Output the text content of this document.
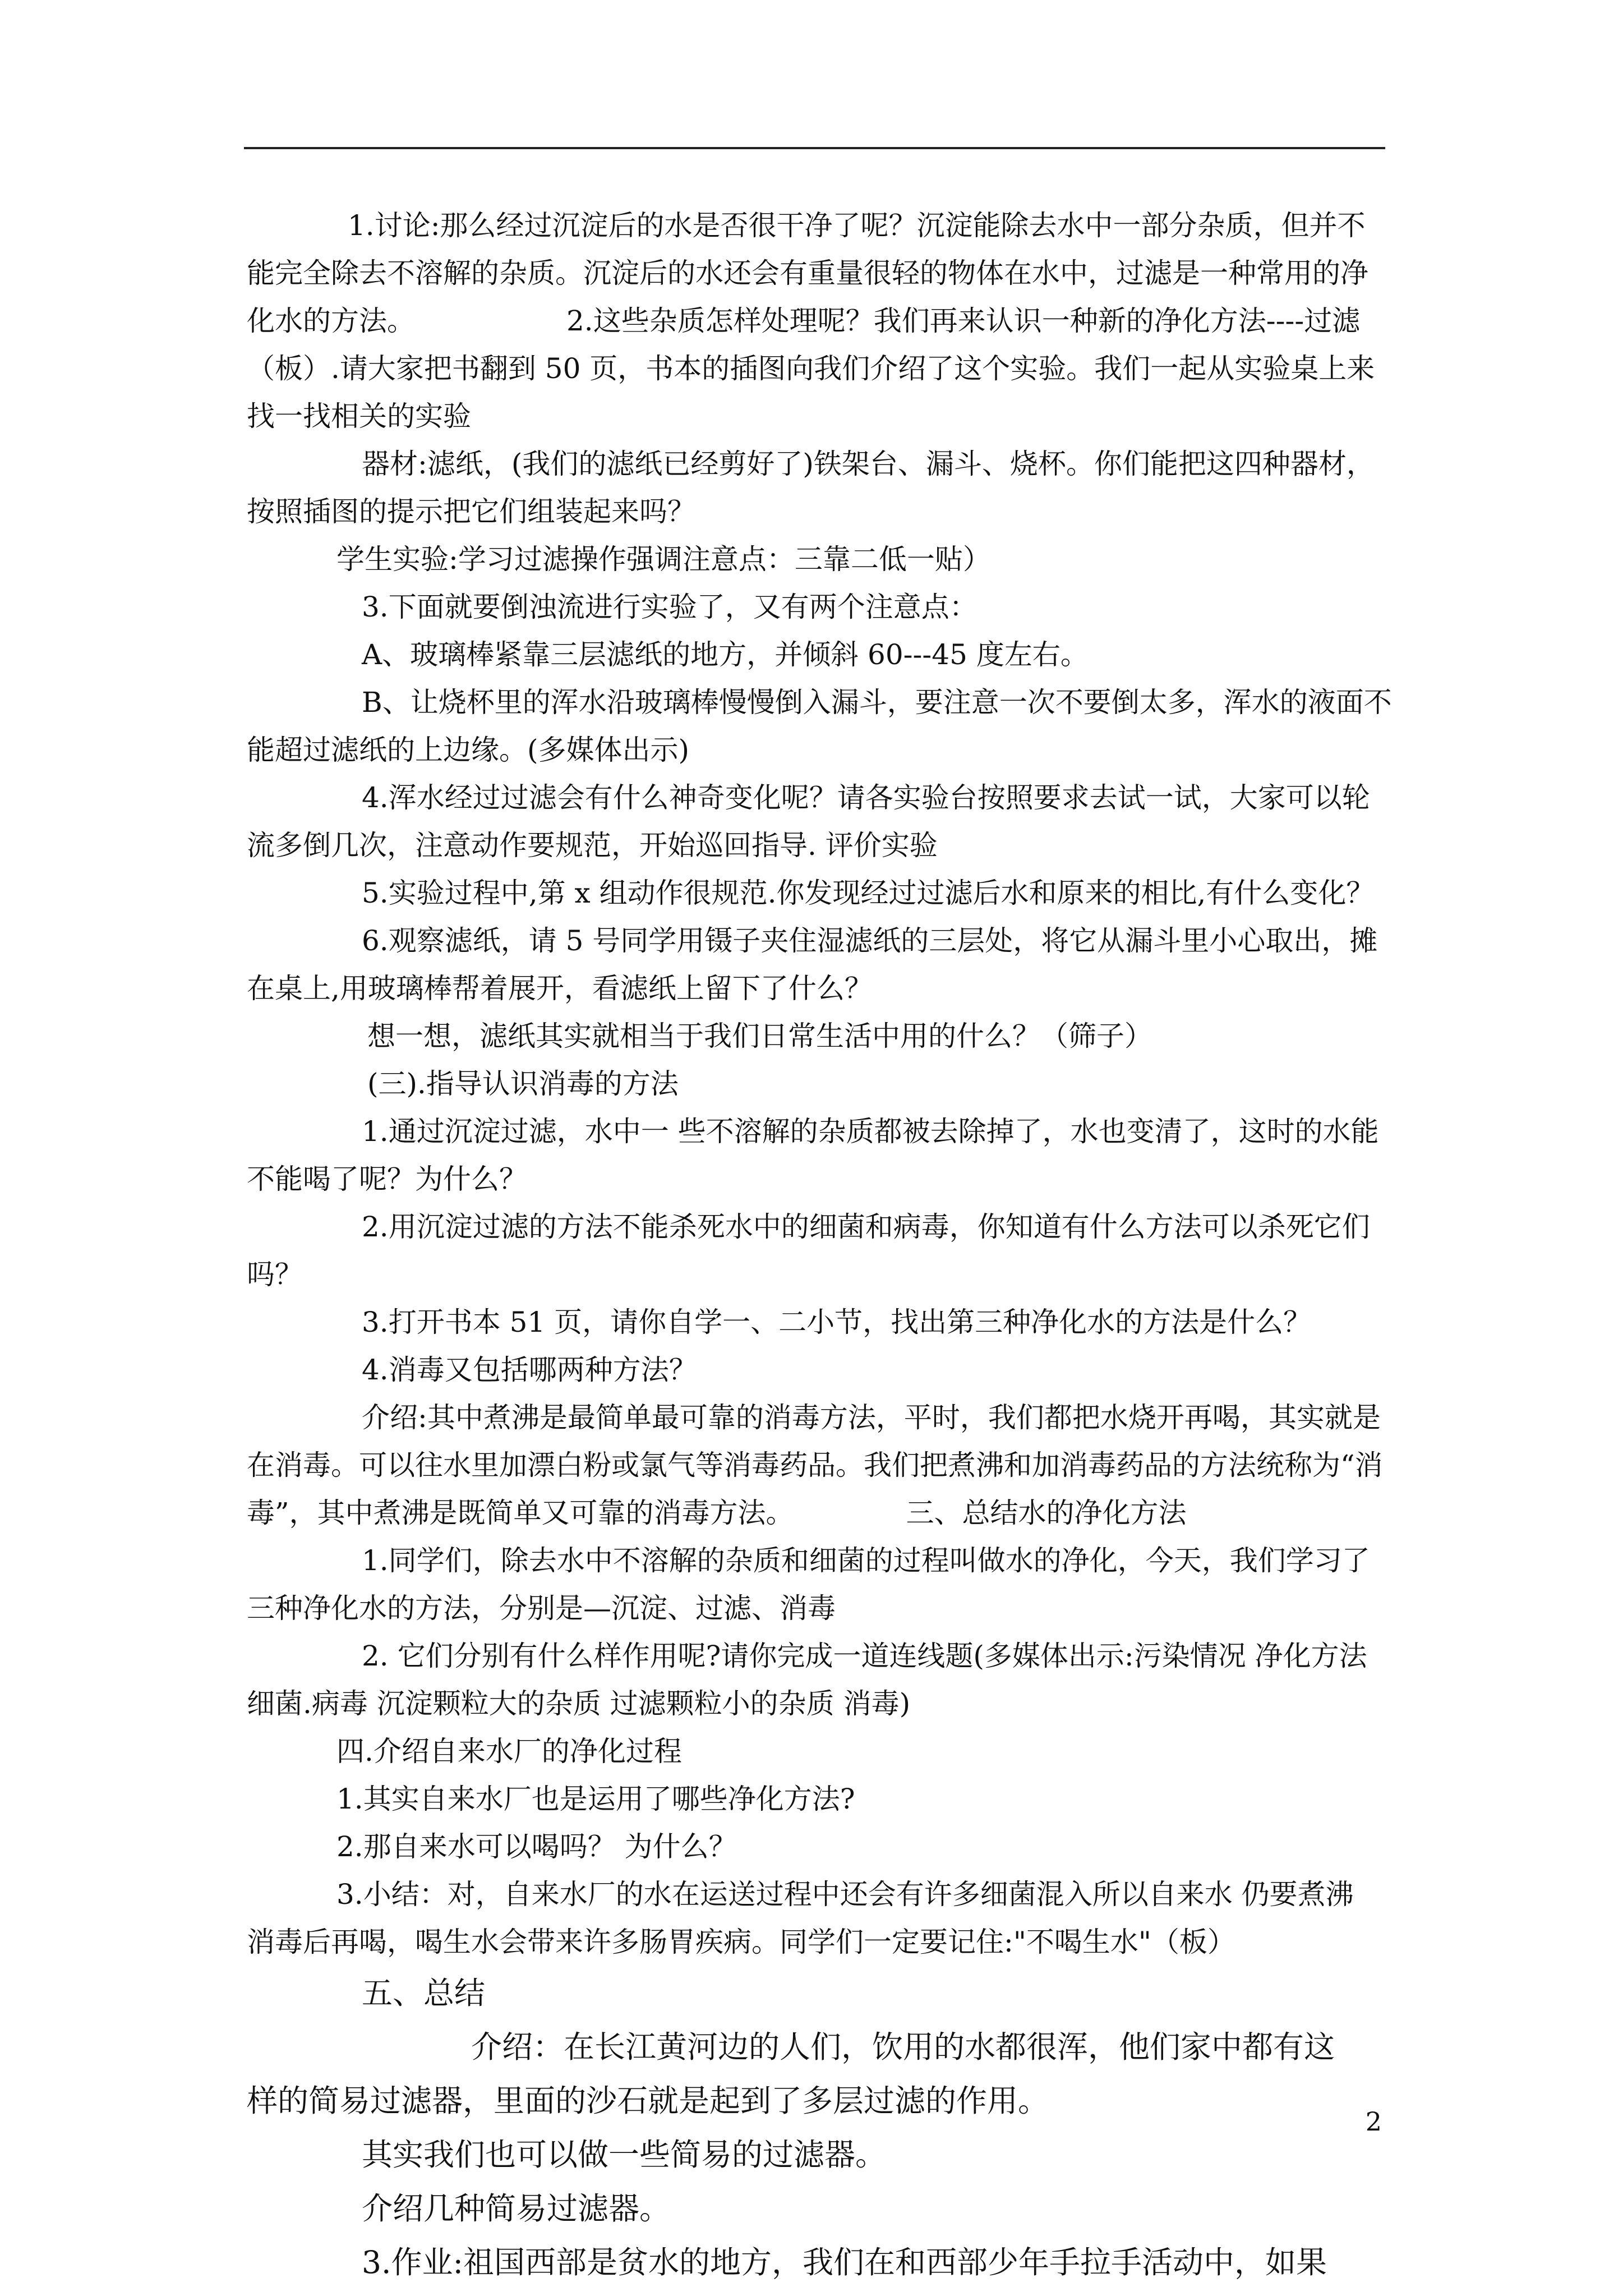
1.讨论:那么经过沉淀后的水是否很干净了呢？沉淀能除去水中一部分杂质，但并不

能完全除去不溶解的杂质。沉淀后的水还会有重量很轻的物体在水中，过滤是一种常用的净

化水的方法。	2.这些杂质怎样处理呢？我们再来认识一种新的净化方法----过滤

（板）.请大家把书翻到 50 页，书本的插图向我们介绍了这个实验。我们一起从实验桌上来

找一找相关的实验

器材:滤纸，(我们的滤纸已经剪好了)铁架台、漏斗、烧杯。你们能把这四种器材，

按照插图的提示把它们组装起来吗？

学生实验:学习过滤操作强调注意点：三靠二低一贴）

3.下面就要倒浊流进行实验了，又有两个注意点：

A、玻璃棒紧靠三层滤纸的地方，并倾斜 60---45 度左右。

B、让烧杯里的浑水沿玻璃棒慢慢倒入漏斗，要注意一次不要倒太多，浑水的液面不

能超过滤纸的上边缘。(多媒体出示)

4.浑水经过过滤会有什么神奇变化呢？请各实验台按照要求去试一试，大家可以轮

流多倒几次，注意动作要规范，开始巡回指导. 评价实验

5.实验过程中,第 x 组动作很规范.你发现经过过滤后水和原来的相比,有什么变化？

6.观察滤纸，请 5 号同学用镊子夹住湿滤纸的三层处，将它从漏斗里小心取出，摊

在桌上,用玻璃棒帮着展开，看滤纸上留下了什么？

想一想，滤纸其实就相当于我们日常生活中用的什么？（筛子）

(三).指导认识消毒的方法

1.通过沉淀过滤，水中一 些不溶解的杂质都被去除掉了，水也变清了，这时的水能

不能喝了呢？为什么？

2.用沉淀过滤的方法不能杀死水中的细菌和病毒，你知道有什么方法可以杀死它们

吗？

3.打开书本 51 页，请你自学一、二小节，找出第三种净化水的方法是什么？

4.消毒又包括哪两种方法？

介绍:其中煮沸是最简单最可靠的消毒方法，平时，我们都把水烧开再喝，其实就是

在消毒。可以往水里加漂白粉或氯气等消毒药品。我们把煮沸和加消毒药品的方法统称为“消

毒”，其中煮沸是既简单又可靠的消毒方法。	三、总结水的净化方法

1.同学们，除去水中不溶解的杂质和细菌的过程叫做水的净化，今天，我们学习了

三种净化水的方法，分别是—沉淀、过滤、消毒

2. 它们分别有什么样作用呢?请你完成一道连线题(多媒体出示:污染情况 净化方法

细菌.病毒 沉淀颗粒大的杂质 过滤颗粒小的杂质 消毒)

四.介绍自来水厂的净化过程

1.其实自来水厂也是运用了哪些净化方法?

2.那自来水可以喝吗？ 为什么？

3.小结：对，自来水厂的水在运送过程中还会有许多细菌混入所以自来水 仍要煮沸

消毒后再喝，喝生水会带来许多肠胃疾病。同学们一定要记住:"不喝生水"（板）

五、总结

介绍：在长江黄河边的人们，饮用的水都很浑，他们家中都有这

样的简易过滤器，里面的沙石就是起到了多层过滤的作用。

其实我们也可以做一些简易的过滤器。

介绍几种简易过滤器。

3.作业:祖国西部是贫水的地方，我们在和西部少年手拉手活动中，如果

2
